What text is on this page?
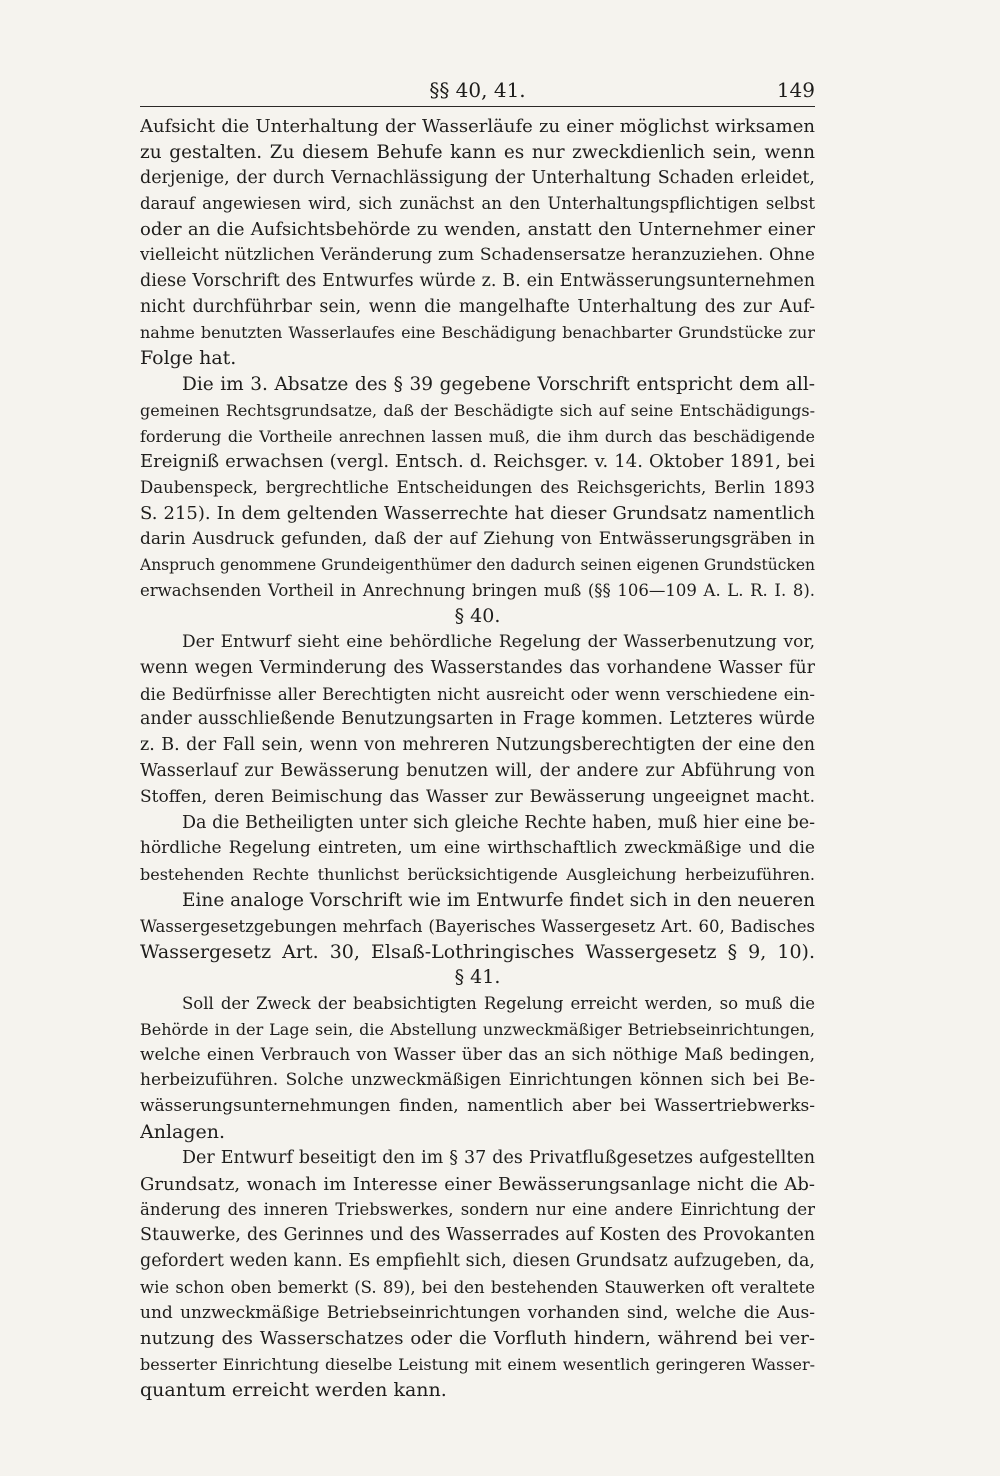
§§ 40, 41.	149
Aufsicht die Unterhaltung der Wasserläufe zu einer möglichst wirksamen
zu gestalten. Zu diesem Behufe kann es nur zweckdienlich sein, wenn
derjenige, der durch Vernachlässigung der Unterhaltung Schaden erleidet,
darauf angewiesen wird, sich zunächst an den Unterhaltungspflichtigen selbst
oder an die Aufsichtsbehörde zu wenden, anstatt den Unternehmer einer
vielleicht nützlichen Veränderung zum Schadensersatze heranzuziehen. Ohne
diese Vorschrift des Entwurfes würde z. B. ein Entwässerungsunternehmen
nicht durchführbar sein, wenn die mangelhafte Unterhaltung des zur Auf-
nahme benutzten Wasserlaufes eine Beschädigung benachbarter Grundstücke zur
Folge hat.
Die im 3. Absatze des § 39 gegebene Vorschrift entspricht dem all-
gemeinen Rechtsgrundsatze, daß der Beschädigte sich auf seine Entschädigungs-
forderung die Vortheile anrechnen lassen muß, die ihm durch das beschädigende
Ereigniß erwachsen (vergl. Entsch. d. Reichsger. v. 14. Oktober 1891, bei
Daubenspeck, bergrechtliche Entscheidungen des Reichsgerichts, Berlin 1893
S. 215). In dem geltenden Wasserrechte hat dieser Grundsatz namentlich
darin Ausdruck gefunden, daß der auf Ziehung von Entwässerungsgräben in
Anspruch genommene Grundeigenthümer den dadurch seinen eigenen Grundstücken
erwachsenden Vortheil in Anrechnung bringen muß (§§ 106—109 A. L. R. I. 8).
§ 40.
Der Entwurf sieht eine behördliche Regelung der Wasserbenutzung vor,
wenn wegen Verminderung des Wasserstandes das vorhandene Wasser für
die Bedürfnisse aller Berechtigten nicht ausreicht oder wenn verschiedene ein-
ander ausschließende Benutzungsarten in Frage kommen. Letzteres würde
z. B. der Fall sein, wenn von mehreren Nutzungsberechtigten der eine den
Wasserlauf zur Bewässerung benutzen will, der andere zur Abführung von
Stoffen, deren Beimischung das Wasser zur Bewässerung ungeeignet macht.
Da die Betheiligten unter sich gleiche Rechte haben, muß hier eine be-
hördliche Regelung eintreten, um eine wirthschaftlich zweckmäßige und die
bestehenden Rechte thunlichst berücksichtigende Ausgleichung herbeizuführen.
Eine analoge Vorschrift wie im Entwurfe findet sich in den neueren
Wassergesetzgebungen mehrfach (Bayerisches Wassergesetz Art. 60, Badisches
Wassergesetz Art. 30, Elsaß-Lothringisches Wassergesetz § 9, 10).
§ 41.
Soll der Zweck der beabsichtigten Regelung erreicht werden, so muß die
Behörde in der Lage sein, die Abstellung unzweckmäßiger Betriebseinrichtungen,
welche einen Verbrauch von Wasser über das an sich nöthige Maß bedingen,
herbeizuführen. Solche unzweckmäßigen Einrichtungen können sich bei Be-
wässerungsunternehmungen finden, namentlich aber bei Wassertriebwerks-
Anlagen.
Der Entwurf beseitigt den im § 37 des Privatflußgesetzes aufgestellten
Grundsatz, wonach im Interesse einer Bewässerungsanlage nicht die Ab-
änderung des inneren Triebswerkes, sondern nur eine andere Einrichtung der
Stauwerke, des Gerinnes und des Wasserrades auf Kosten des Provokanten
gefordert weden kann. Es empfiehlt sich, diesen Grundsatz aufzugeben, da,
wie schon oben bemerkt (S. 89), bei den bestehenden Stauwerken oft veraltete
und unzweckmäßige Betriebseinrichtungen vorhanden sind, welche die Aus-
nutzung des Wasserschatzes oder die Vorfluth hindern, während bei ver-
besserter Einrichtung dieselbe Leistung mit einem wesentlich geringeren Wasser-
quantum erreicht werden kann.
